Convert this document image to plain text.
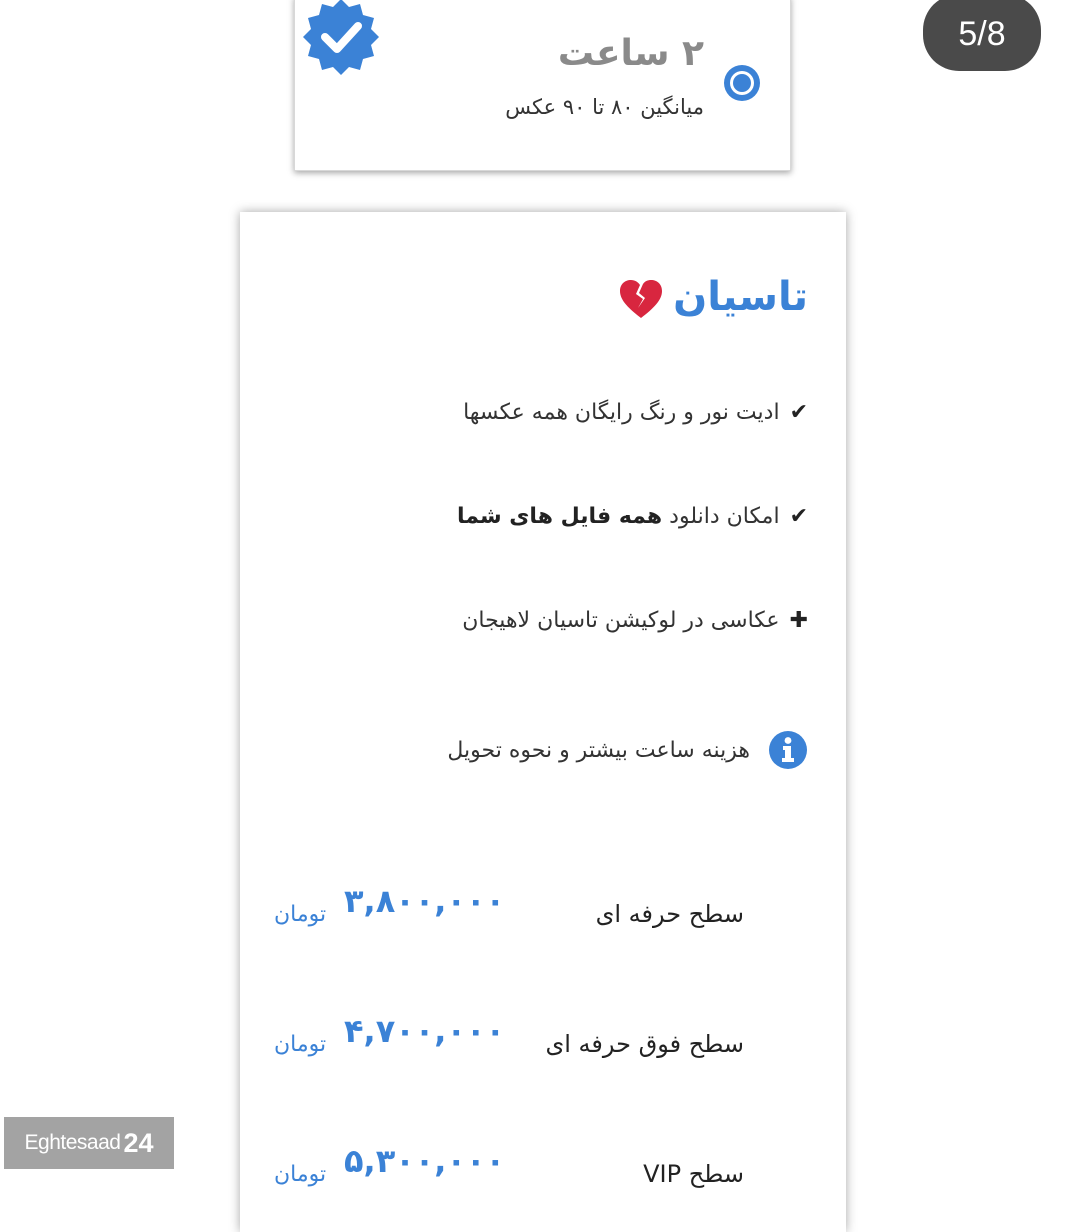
5/8
۲ ساعت
میانگین ۸۰ تا ۹۰ عکس
تاسیان
✔
ادیت نور و رنگ رایگان همه عکسها
✔
امکان دانلود
همه فایل های شما
✚
عکاسی در لوکیشن تاسیان لاهیجان
هزینه ساعت بیشتر و نحوه تحویل
سطح حرفه ای
۳,۸۰۰,۰۰۰
تومان
سطح فوق حرفه ای
۴,۷۰۰,۰۰۰
تومان
سطح VIP
۵,۳۰۰,۰۰۰
تومان
Eghtesaad 24
